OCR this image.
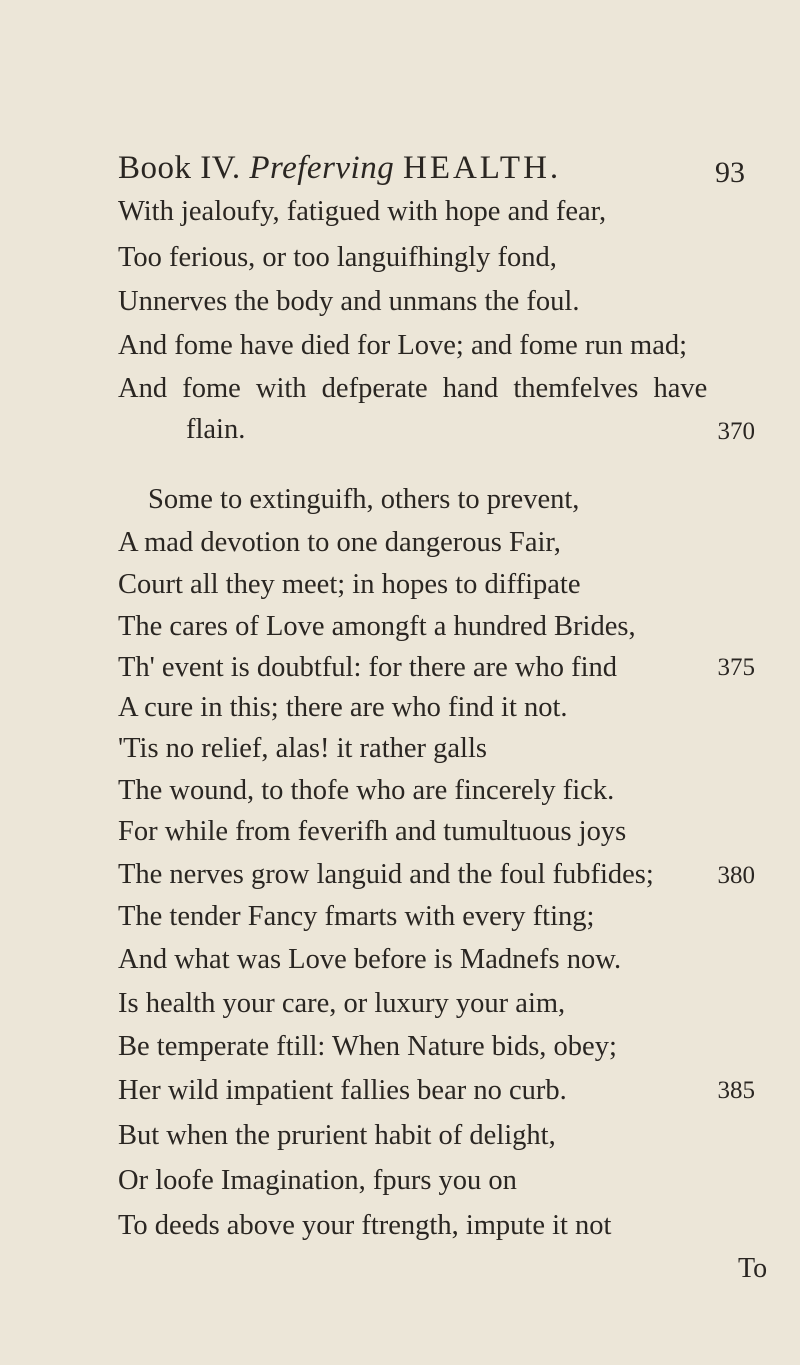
Book IV. Preferving HEALTH.	93
With jealoufy, fatigued with hope and fear,
Too ferious, or too languifhingly fond,
Unnerves the body and unmans the foul.
And fome have died for Love; and fome run mad;
And fome with defperate hand themfelves have
flain.	370
Some to extinguifh, others to prevent,
A mad devotion to one dangerous Fair,
Court all they meet; in hopes to diffipate
The cares of Love amongft a hundred Brides,
Th' event is doubtful: for there are who find	375
A cure in this; there are who find it not.
'Tis no relief, alas! it rather galls
The wound, to thofe who are fincerely fick.
For while from feverifh and tumultuous joys
The nerves grow languid and the foul fubfides;	380
The tender Fancy fmarts with every fting;
And what was Love before is Madnefs now.
Is health your care, or luxury your aim,
Be temperate ftill: When Nature bids, obey;
Her wild impatient fallies bear no curb.	385
But when the prurient habit of delight,
Or loofe Imagination, fpurs you on
To deeds above your ftrength, impute it not
To
